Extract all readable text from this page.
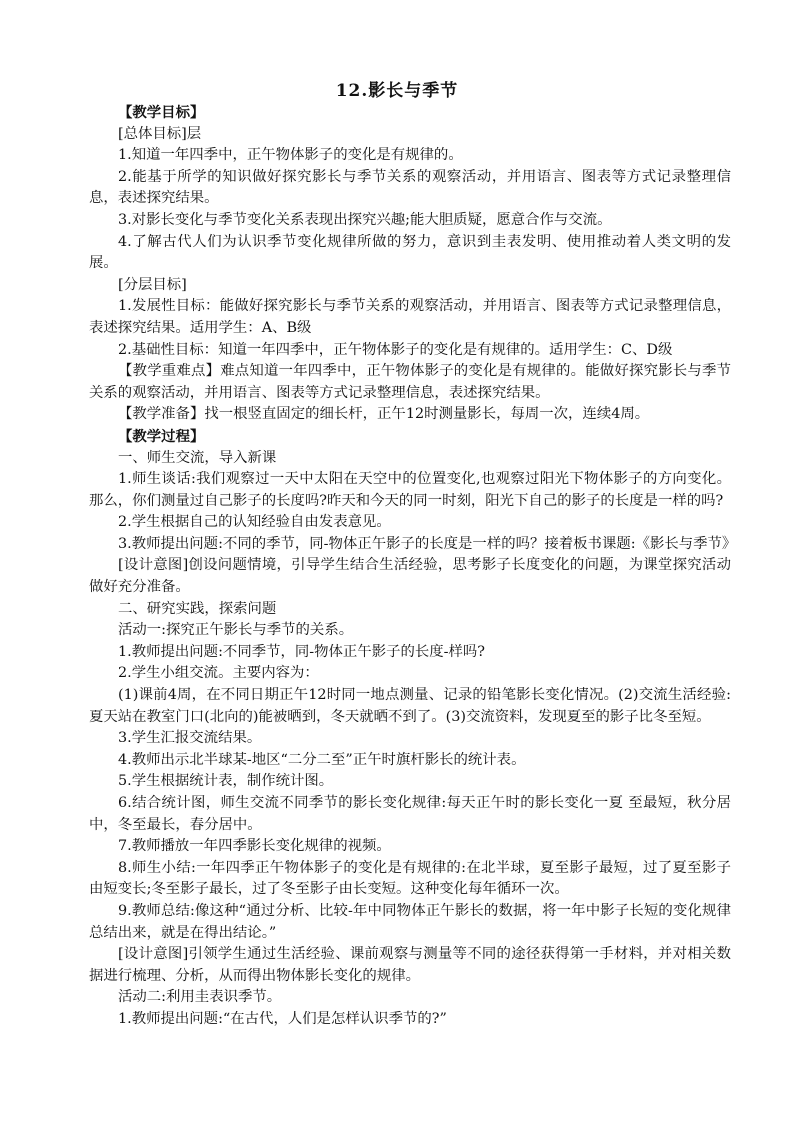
12.影长与季节

【教学目标】

[总体目标]层

1.知道一年四季中，正午物体影子的变化是有规律的。

2.能基于所学的知识做好探究影长与季节关系的观察活动，并用语言、图表等方式记录整理信息，表述探究结果。

3.对影长变化与季节变化关系表现出探究兴趣;能大胆质疑，愿意合作与交流。

4.了解古代人们为认识季节变化规律所做的努力，意识到圭表发明、使用推动着人类文明的发展。

[分层目标]

1.发展性目标：能做好探究影长与季节关系的观察活动，并用语言、图表等方式记录整理信息，表述探究结果。适用学生：A、B级

2.基础性目标：知道一年四季中，正午物体影子的变化是有规律的。适用学生：C、D级

【教学重难点】难点知道一年四季中，正午物体影子的变化是有规律的。能做好探究影长与季节关系的观察活动，并用语言、图表等方式记录整理信息，表述探究结果。

【教学准备】找一根竖直固定的细长杆，正午12时测量影长，每周一次，连续4周。

【教学过程】

一、师生交流，导入新课

1.师生谈话:我们观察过一天中太阳在天空中的位置变化,也观察过阳光下物体影子的方向变化。那么，你们测量过自己影子的长度吗?昨天和今天的同一时刻，阳光下自己的影子的长度是一样的吗?

2.学生根据自己的认知经验自由发表意见。

3.教师提出问题:不同的季节，同-物体正午影子的长度是一样的吗？接着板书课题:《影长与季节》

[设计意图]创设问题情境，引导学生结合生活经验，思考影子长度变化的问题，为课堂探究活动做好充分准备。

二、研究实践，探索问题

活动一:探究正午影长与季节的关系。

1.教师提出问题:不同季节，同-物体正午影子的长度-样吗?

2.学生小组交流。主要内容为：

(1)课前4周，在不同日期正午12时同一地点测量、记录的铅笔影长变化情况。(2)交流生活经验:夏天站在教室门口(北向的)能被晒到，冬天就晒不到了。(3)交流资料，发现夏至的影子比冬至短。

3.学生汇报交流结果。

4.教师出示北半球某-地区“二分二至”正午时旗杆影长的统计表。

5.学生根据统计表，制作统计图。

6.结合统计图，师生交流不同季节的影长变化规律:每天正午时的影长变化一夏 至最短，秋分居中，冬至最长，春分居中。

7.教师播放一年四季影长变化规律的视频。

8.师生小结:一年四季正午物体影子的变化是有规律的:在北半球，夏至影子最短，过了夏至影子由短变长;冬至影子最长，过了冬至影子由长变短。这种变化每年循环一次。

9.教师总结:像这种“通过分析、比较-年中同物体正午影长的数据，将一年中影子长短的变化规律总结出来，就是在得出结论。”

[设计意图]引领学生通过生活经验、课前观察与测量等不同的途径获得第一手材料，并对相关数据进行梳理、分析，从而得出物体影长变化的规律。

活动二:利用圭表识季节。

1.教师提出问题:“在古代，人们是怎样认识季节的?”
